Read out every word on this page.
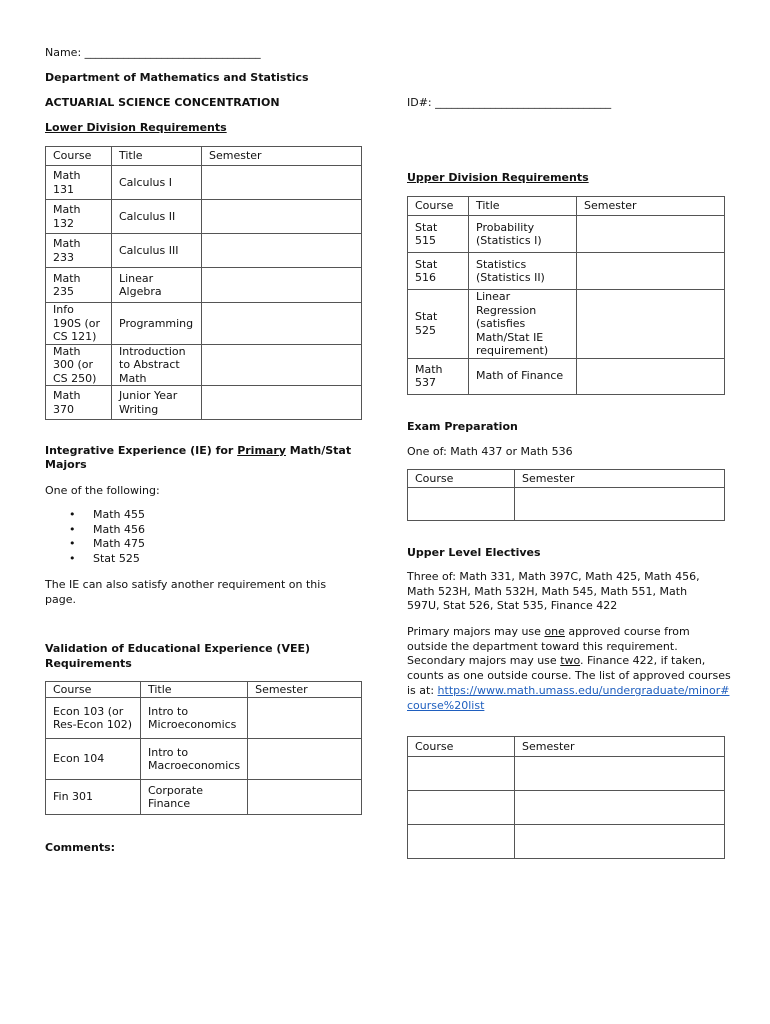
Name: ________________________________
Department of Mathematics and Statistics
ACTUARIAL SCIENCE CONCENTRATION	ID#: ________________________________
Lower Division Requirements
Course	Title	Semester
Math 131	Calculus I	
Math 132	Calculus II	
Math 233	Calculus III	
Math 235	Linear Algebra	
Info 190S (or CS 121)	Programming	
Math 300 (or CS 250)	Introduction to Abstract Math	
Math 370	Junior Year Writing	
Integrative Experience (IE) for Primary Math/Stat Majors
One of the following:
• Math 455
• Math 456
• Math 475
• Stat 525
The IE can also satisfy another requirement on this page.
Validation of Educational Experience (VEE) Requirements
Course	Title	Semester
Econ 103 (or Res-Econ 102)	Intro to Microeconomics	
Econ 104	Intro to Macroeconomics	
Fin 301	Corporate Finance	
Comments:
Upper Division Requirements
Course	Title	Semester
Stat 515	Probability (Statistics I)	
Stat 516	Statistics (Statistics II)	
Stat 525	Linear Regression (satisfies Math/Stat IE requirement)	
Math 537	Math of Finance	
Exam Preparation
One of: Math 437 or Math 536
Course	Semester

Upper Level Electives
Three of: Math 331, Math 397C, Math 425, Math 456, Math 523H, Math 532H, Math 545, Math 551, Math 597U, Stat 526, Stat 535, Finance 422
Primary majors may use one approved course from outside the department toward this requirement. Secondary majors may use two. Finance 422, if taken, counts as one outside course. The list of approved courses is at: https://www.math.umass.edu/undergraduate/minor#course%20list
Course	Semester
